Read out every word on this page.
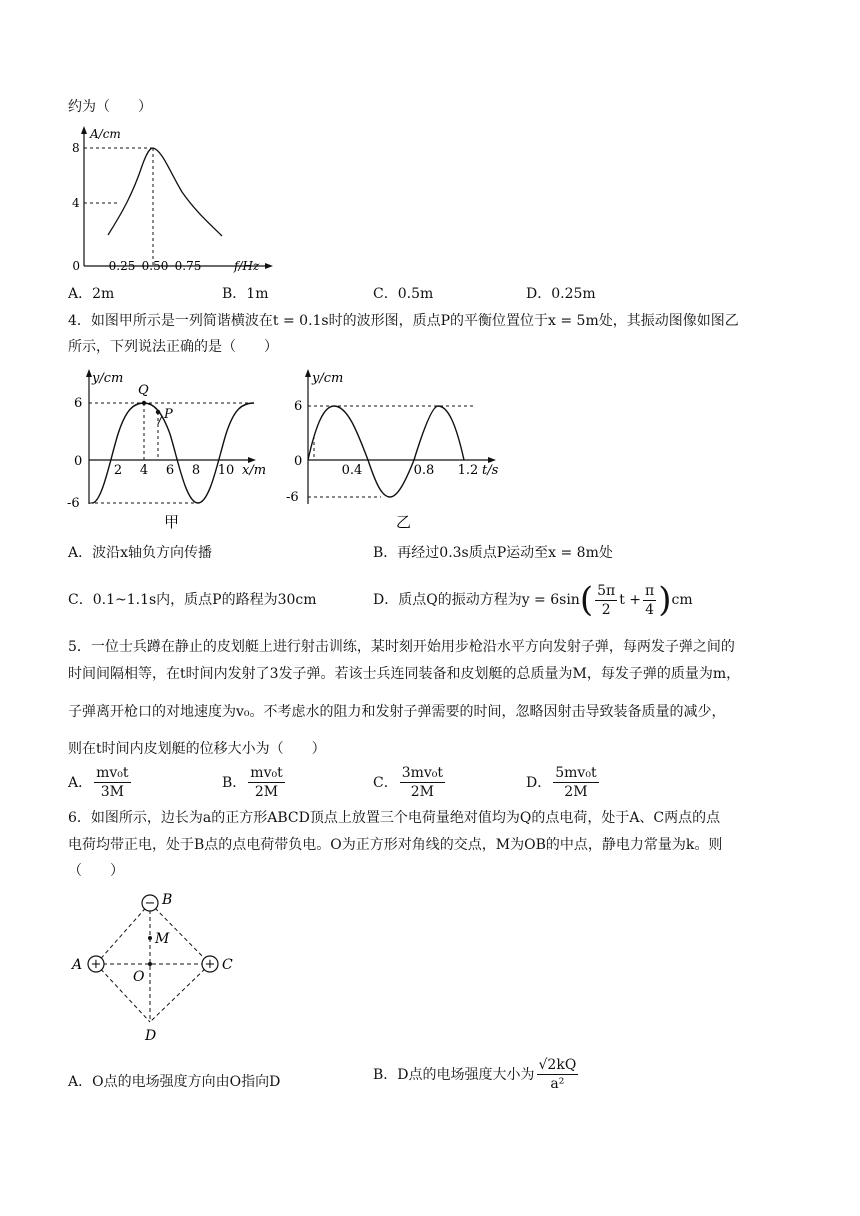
约为（　　）
A/cm
8
4
0 0.25 0.50 0.75	f/Hz
A．2m	B．1m	C．0.5m	D．0.25m
4．如图甲所示是一列简谐横波在t = 0.1s时的波形图，质点P的平衡位置位于x = 5m处，其振动图像如图乙
所示，下列说法正确的是（　　）
y/cm
Q
P
6
0
-6
2 4 6 8 10 x/m
甲
y/cm
6
0
-6
0.4	0.8 1.2 t/s
乙
A．波沿x轴负方向传播	B．再经过0.3s质点P运动至x = 8m处
C．0.1~1.1s内，质点P的路程为30cm	D．质点Q的振动方程为y = 6sin ( $\frac{5\pi}{2}$ $t + \frac{\pi}{4}$ ) cm
5．一位士兵蹲在静止的皮划艇上进行射击训练，某时刻开始用步枪沿水平方向发射子弹，每两发子弹之间的
时间间隔相等，在t时间内发射了3发子弹。若该士兵连同装备和皮划艇的总质量为M，每发子弹的质量为m，
子弹离开枪口的对地速度为v₀。不考虑水的阻力和发射子弹需要的时间，忽略因射击导致装备质量的减少，
则在t时间内皮划艇的位移大小为（　　）
A． $\frac{\text{mv₀t}}{3M}$	B． $\frac{\text{mv₀t}}{2M}$	C． $\frac{\text{3mv₀t}}{2M}$	D． $\frac{\text{5mv₀t}}{2M}$
6．如图所示，边长为a的正方形ABCD顶点上放置三个电荷量绝对值均为Q的点电荷，处于A、C两点的点
电荷均带正电，处于B点的点电荷带负电。O为正方形对角线的交点，M为OB的中点，静电力常量为k。则
（　　）
−
+	+
B
A	C
D
O
M
A．O点的电场强度方向由O指向D	B．D点的电场强度大小为 $\frac{√2kQ}{\text{a²}}$
